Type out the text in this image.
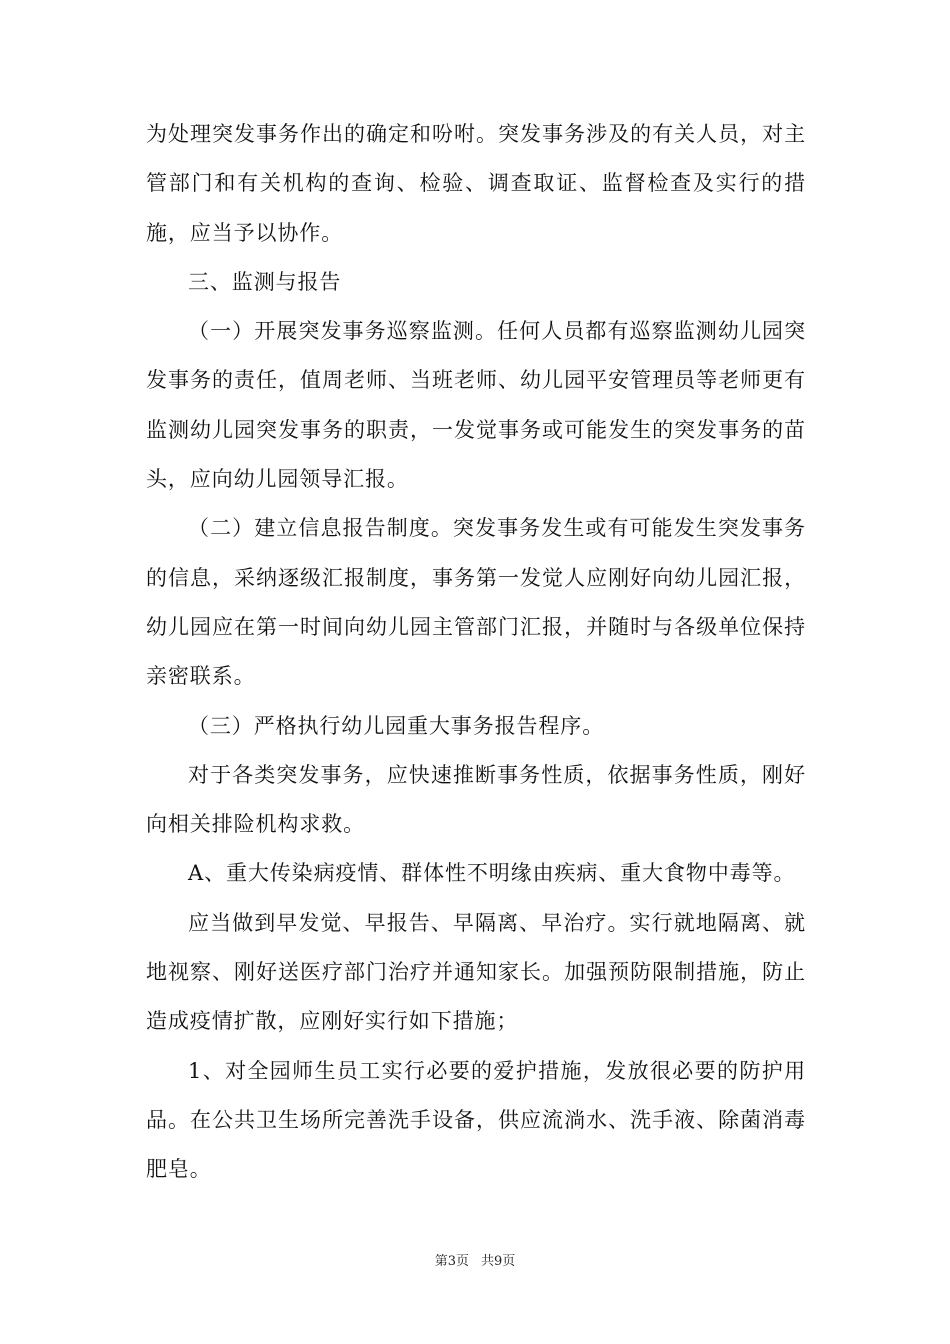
为处理突发事务作出的确定和吩咐。突发事务涉及的有关人员，对主管部门和有关机构的查询、检验、调查取证、监督检查及实行的措施，应当予以协作。

三、监测与报告

（一）开展突发事务巡察监测。任何人员都有巡察监测幼儿园突发事务的责任，值周老师、当班老师、幼儿园平安管理员等老师更有监测幼儿园突发事务的职责，一发觉事务或可能发生的突发事务的苗头，应向幼儿园领导汇报。

（二）建立信息报告制度。突发事务发生或有可能发生突发事务的信息，采纳逐级汇报制度，事务第一发觉人应刚好向幼儿园汇报，幼儿园应在第一时间向幼儿园主管部门汇报，并随时与各级单位保持亲密联系。

（三）严格执行幼儿园重大事务报告程序。

对于各类突发事务，应快速推断事务性质，依据事务性质，刚好向相关排险机构求救。

A、重大传染病疫情、群体性不明缘由疾病、重大食物中毒等。

应当做到早发觉、早报告、早隔离、早治疗。实行就地隔离、就地视察、刚好送医疗部门治疗并通知家长。加强预防限制措施，防止造成疫情扩散，应刚好实行如下措施；

1、对全园师生员工实行必要的爱护措施，发放很必要的防护用品。在公共卫生场所完善洗手设备，供应流淌水、洗手液、除菌消毒肥皂。

第3页 共9页
